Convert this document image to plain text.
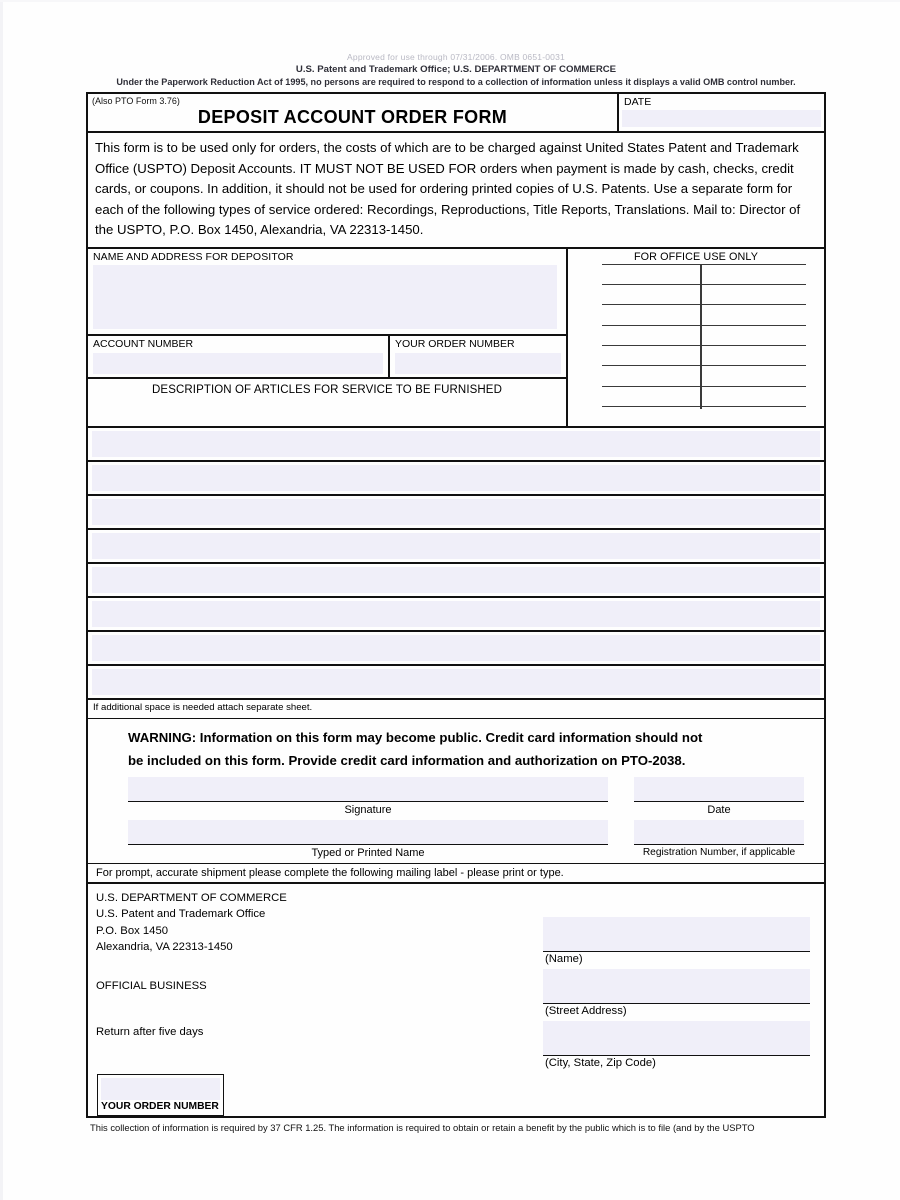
Approved for use through 07/31/2006. OMB 0651-0031
U.S. Patent and Trademark Office; U.S. DEPARTMENT OF COMMERCE
Under the Paperwork Reduction Act of 1995, no persons are required to respond to a collection of information unless it displays a valid OMB control number.
(Also PTO Form 3.76)
DEPOSIT ACCOUNT ORDER FORM
DATE
This form is to be used only for orders, the costs of which are to be charged against United States Patent and Trademark Office (USPTO) Deposit Accounts. IT MUST NOT BE USED FOR orders when payment is made by cash, checks, credit cards, or coupons. In addition, it should not be used for ordering printed copies of U.S. Patents. Use a separate form for each of the following types of service ordered: Recordings, Reproductions, Title Reports, Translations. Mail to: Director of the USPTO, P.O. Box 1450, Alexandria, VA 22313-1450.
NAME AND ADDRESS FOR DEPOSITOR
ACCOUNT NUMBER	YOUR ORDER NUMBER
DESCRIPTION OF ARTICLES FOR SERVICE TO BE FURNISHED
FOR OFFICE USE ONLY
If additional space is needed attach separate sheet.
WARNING: Information on this form may become public. Credit card information should not
be included on this form. Provide credit card information and authorization on PTO-2038.
Signature	Date
Typed or Printed Name	Registration Number, if applicable
For prompt, accurate shipment please complete the following mailing label - please print or type.
U.S. DEPARTMENT OF COMMERCE
U.S. Patent and Trademark Office
P.O. Box 1450
Alexandria, VA 22313-1450
OFFICIAL BUSINESS
Return after five days
(Name)
(Street Address)
(City, State, Zip Code)
YOUR ORDER NUMBER
This collection of information is required by 37 CFR 1.25. The information is required to obtain or retain a benefit by the public which is to file (and by the USPTO
